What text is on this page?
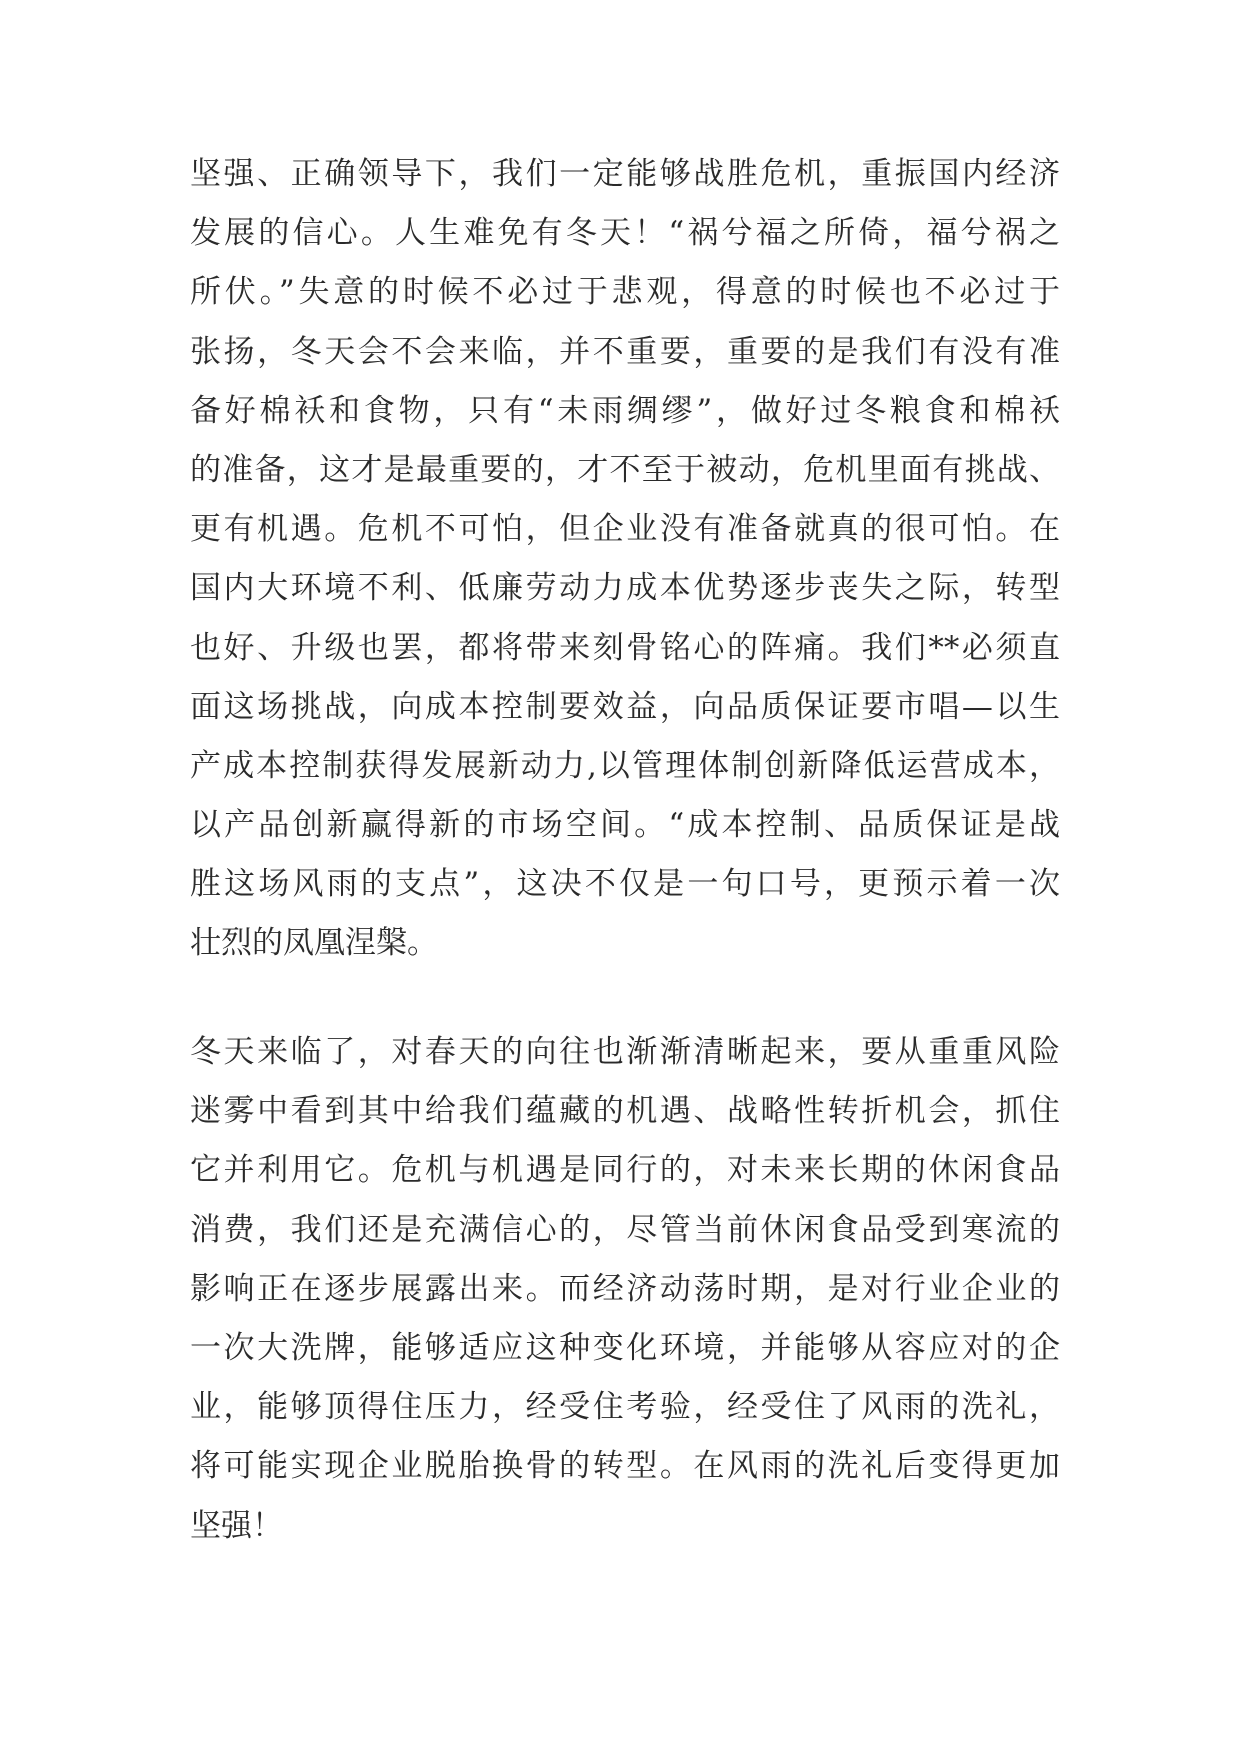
坚强、正确领导下，我们一定能够战胜危机，重振国内经济
发展的信心。人生难免有冬天！“祸兮福之所倚，福兮祸之
所伏。”失意的时候不必过于悲观，得意的时候也不必过于
张扬，冬天会不会来临，并不重要，重要的是我们有没有准
备好棉袄和食物，只有“未雨绸缪”，做好过冬粮食和棉袄
的准备，这才是最重要的，才不至于被动，危机里面有挑战、
更有机遇。危机不可怕，但企业没有准备就真的很可怕。在
国内大环境不利、低廉劳动力成本优势逐步丧失之际，转型
也好、升级也罢，都将带来刻骨铭心的阵痛。我们**必须直
面这场挑战，向成本控制要效益，向品质保证要市唱—以生
产成本控制获得发展新动力,以管理体制创新降低运营成本，
以产品创新赢得新的市场空间。“成本控制、品质保证是战
胜这场风雨的支点”，这决不仅是一句口号，更预示着一次
壮烈的凤凰涅槃。
冬天来临了，对春天的向往也渐渐清晰起来，要从重重风险
迷雾中看到其中给我们蕴藏的机遇、战略性转折机会，抓住
它并利用它。危机与机遇是同行的，对未来长期的休闲食品
消费，我们还是充满信心的，尽管当前休闲食品受到寒流的
影响正在逐步展露出来。而经济动荡时期，是对行业企业的
一次大洗牌，能够适应这种变化环境，并能够从容应对的企
业，能够顶得住压力，经受住考验，经受住了风雨的洗礼，
将可能实现企业脱胎换骨的转型。在风雨的洗礼后变得更加
坚强！
